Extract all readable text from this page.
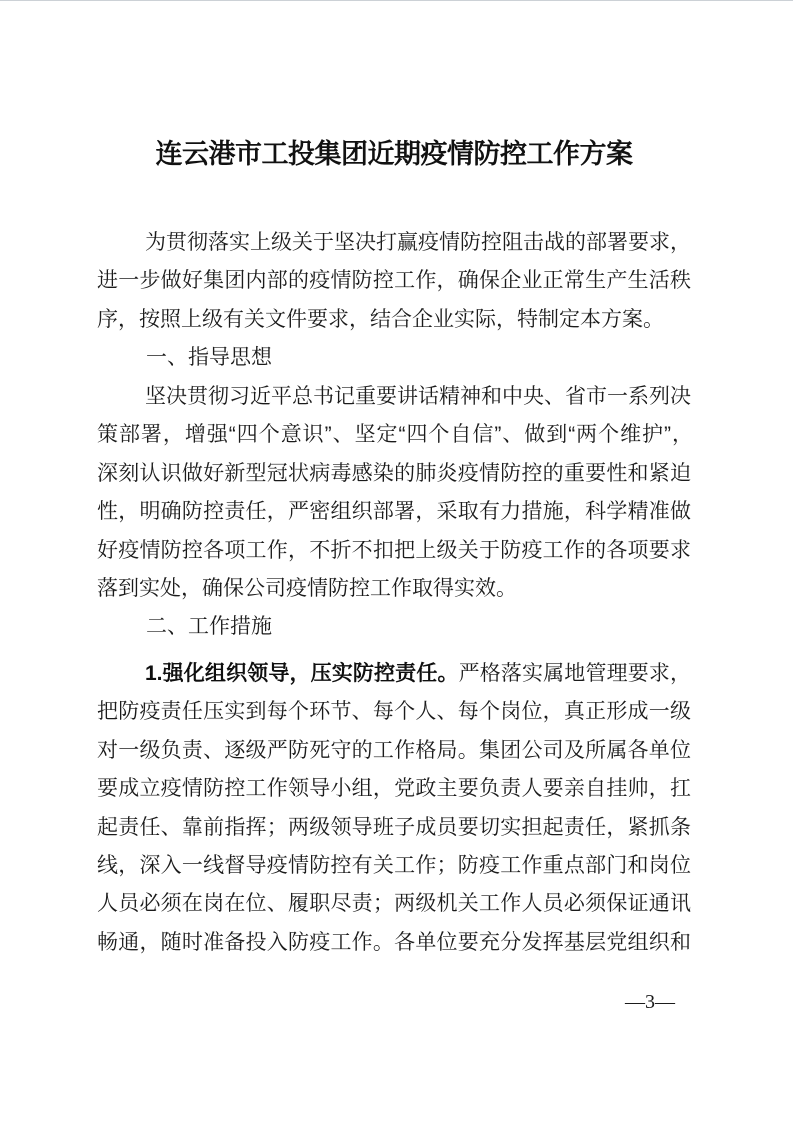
连云港市工投集团近期疫情防控工作方案
为贯彻落实上级关于坚决打赢疫情防控阻击战的部署要求，
进一步做好集团内部的疫情防控工作，确保企业正常生产生活秩
序，按照上级有关文件要求，结合企业实际，特制定本方案。
一、指导思想
坚决贯彻习近平总书记重要讲话精神和中央、省市一系列决
策部署，增强“四个意识”、坚定“四个自信”、做到“两个维护”，
深刻认识做好新型冠状病毒感染的肺炎疫情防控的重要性和紧迫
性，明确防控责任，严密组织部署，采取有力措施，科学精准做
好疫情防控各项工作，不折不扣把上级关于防疫工作的各项要求
落到实处，确保公司疫情防控工作取得实效。
二、工作措施
1.强化组织领导，压实防控责任。严格落实属地管理要求，
把防疫责任压实到每个环节、每个人、每个岗位，真正形成一级
对一级负责、逐级严防死守的工作格局。集团公司及所属各单位
要成立疫情防控工作领导小组，党政主要负责人要亲自挂帅，扛
起责任、靠前指挥；两级领导班子成员要切实担起责任，紧抓条
线，深入一线督导疫情防控有关工作；防疫工作重点部门和岗位
人员必须在岗在位、履职尽责；两级机关工作人员必须保证通讯
畅通，随时准备投入防疫工作。各单位要充分发挥基层党组织和
—3—
